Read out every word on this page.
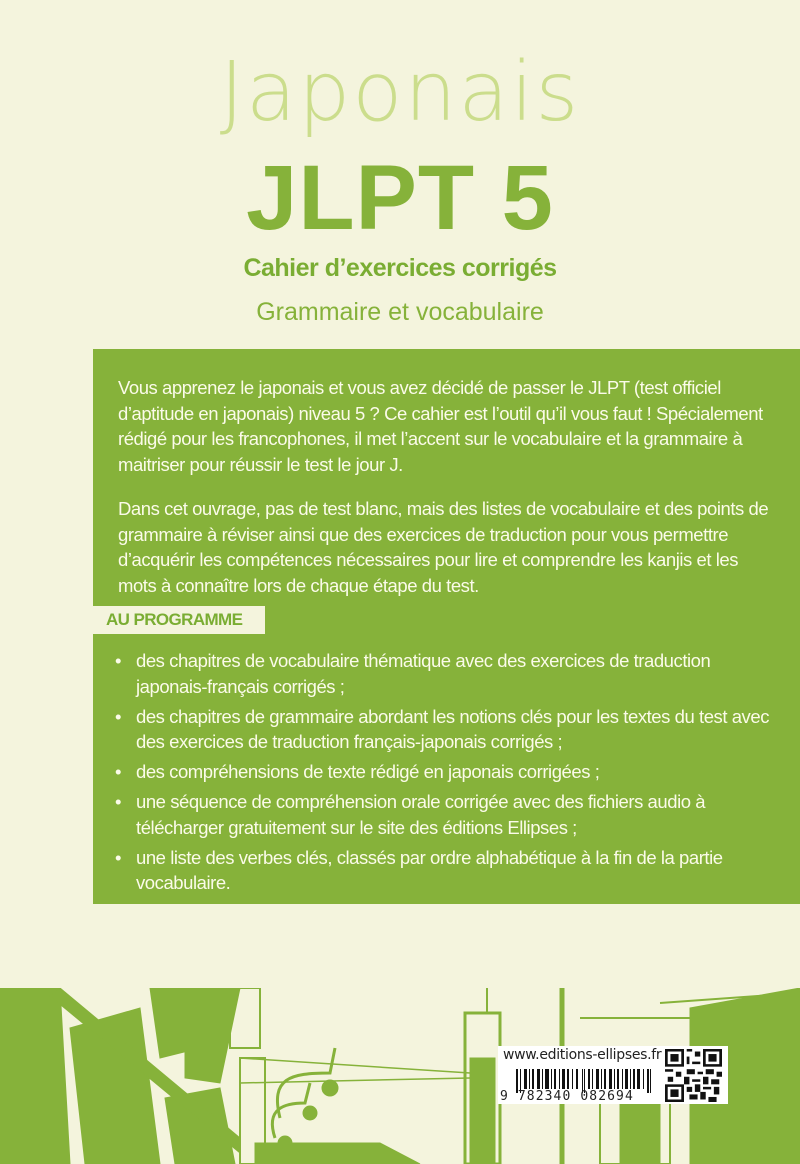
Japonais
JLPT 5
Cahier d’exercices corrigés
Grammaire et vocabulaire

Vous apprenez le japonais et vous avez décidé de passer le JLPT (test officiel d’aptitude en japonais) niveau 5 ? Ce cahier est l’outil qu’il vous faut ! Spécialement rédigé pour les francophones, il met l’accent sur le vocabulaire et la grammaire à maitriser pour réussir le test le jour J.

Dans cet ouvrage, pas de test blanc, mais des listes de vocabulaire et des points de grammaire à réviser ainsi que des exercices de traduction pour vous permettre d’acquérir les compétences nécessaires pour lire et comprendre les kanjis et les mots à connaître lors de chaque étape du test.

AU PROGRAMME
• des chapitres de vocabulaire thématique avec des exercices de traduction japonais-français corrigés ;
• des chapitres de grammaire abordant les notions clés pour les textes du test avec des exercices de traduction français-japonais corrigés ;
• des compréhensions de texte rédigé en japonais corrigées ;
• une séquence de compréhension orale corrigée avec des fichiers audio à télécharger gratuitement sur le site des éditions Ellipses ;
• une liste des verbes clés, classés par ordre alphabétique à la fin de la partie vocabulaire.
www.editions-ellipses.fr
9 782340 082694
